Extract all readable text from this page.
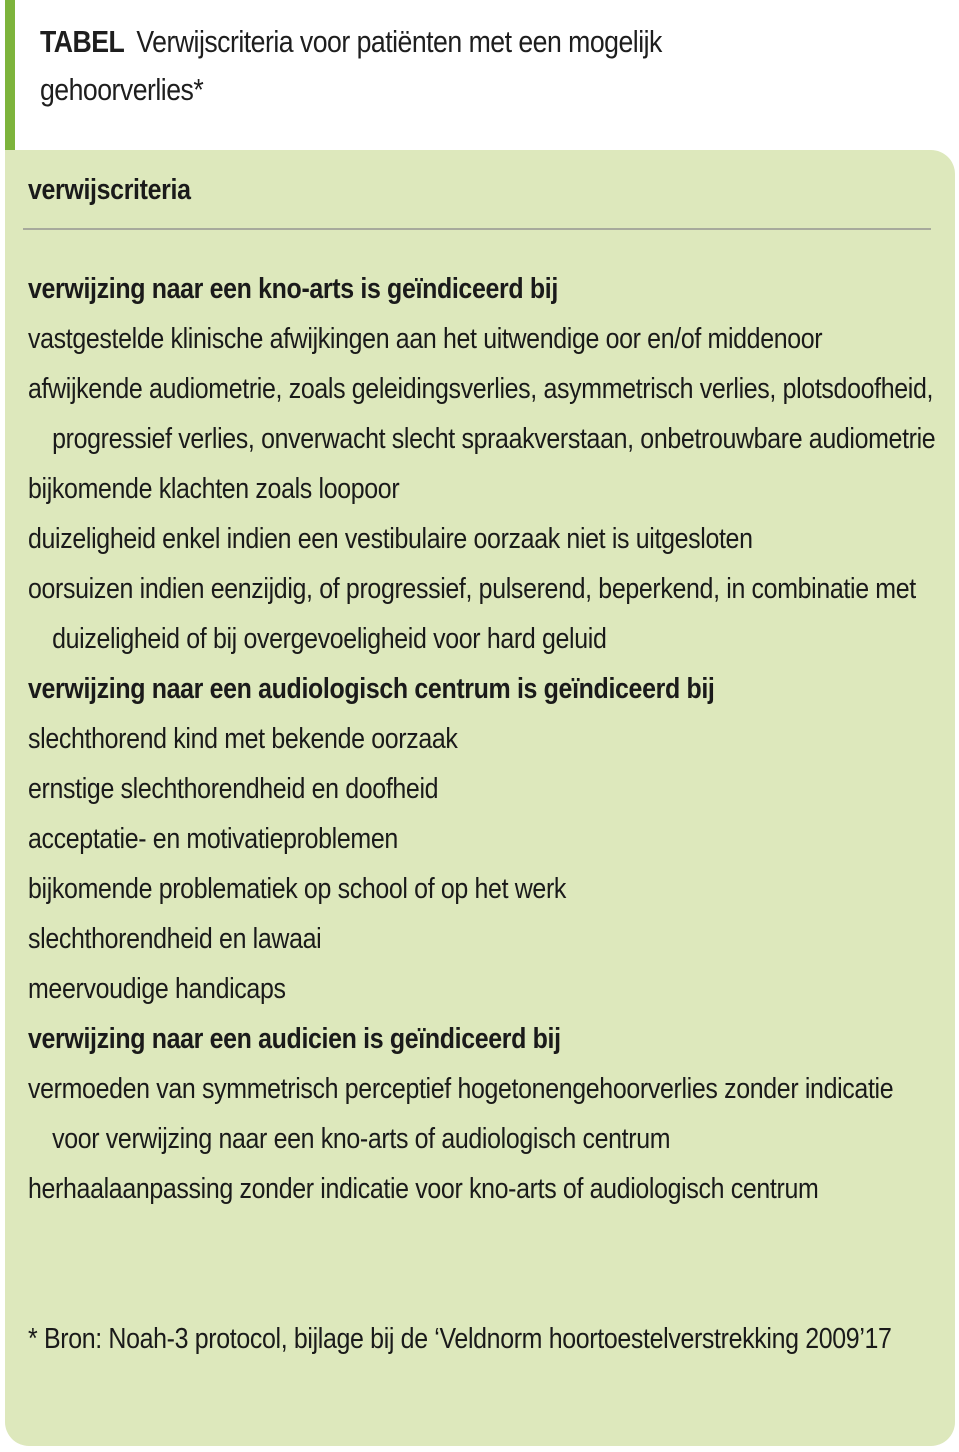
TABEL Verwijscriteria voor patiënten met een mogelijk gehoorverlies*
verwijscriteria
verwijzing naar een kno-arts is geïndiceerd bij
vastgestelde klinische afwijkingen aan het uitwendige oor en/of middenoor
afwijkende audiometrie, zoals geleidingsverlies, asymmetrisch verlies, plotsdoofheid, progressief verlies, onverwacht slecht spraakverstaan, onbetrouwbare audiometrie
bijkomende klachten zoals loopoor
duizeligheid enkel indien een vestibulaire oorzaak niet is uitgesloten
oorsuizen indien eenzijdig, of progressief, pulserend, beperkend, in combinatie met duizeligheid of bij overgevoeligheid voor hard geluid
verwijzing naar een audiologisch centrum is geïndiceerd bij
slechthorend kind met bekende oorzaak
ernstige slechthorendheid en doofheid
acceptatie- en motivatieproblemen
bijkomende problematiek op school of op het werk
slechthorendheid en lawaai
meervoudige handicaps
verwijzing naar een audicien is geïndiceerd bij
vermoeden van symmetrisch perceptief hogetonengehoorverlies zonder indicatie voor verwijzing naar een kno-arts of audiologisch centrum
herhaalaanpassing zonder indicatie voor kno-arts of audiologisch centrum
* Bron: Noah-3 protocol, bijlage bij de ‘Veldnorm hoortoestelverstrekking 2009’17
